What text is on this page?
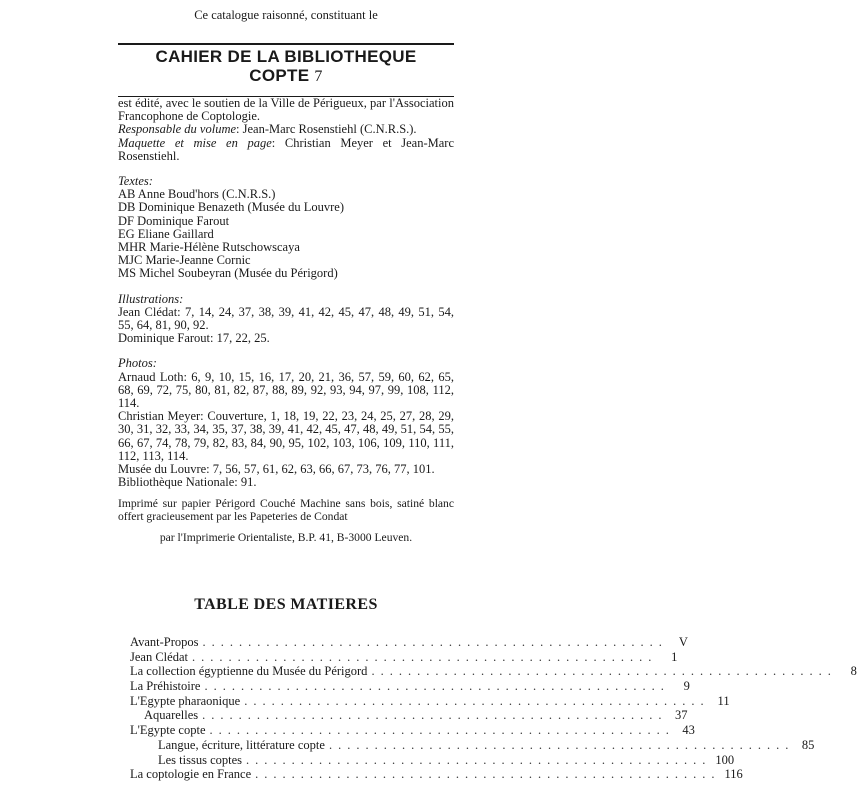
Ce catalogue raisonné, constituant le
CAHIER DE LA BIBLIOTHEQUE
COPTE 7

est édité, avec le soutien de la Ville de Périgueux, par l'Association Francophone de Coptologie.

Responsable du volume: Jean-Marc Rosenstiehl (C.N.R.S.).

Maquette et mise en page: Christian Meyer et Jean-Marc Rosenstiehl.

Textes:

AB Anne Boud'hors (C.N.R.S.)

DB Dominique Benazeth (Musée du Louvre)

DF Dominique Farout

EG Eliane Gaillard

MHR Marie-Hélène Rutschowscaya

MJC Marie-Jeanne Cornic

MS Michel Soubeyran (Musée du Périgord)

Illustrations:

Jean Clédat: 7, 14, 24, 37, 38, 39, 41, 42, 45, 47, 48, 49, 51, 54, 55, 64, 81, 90, 92.

Dominique Farout: 17, 22, 25.

Photos:

Arnaud Loth: 6, 9, 10, 15, 16, 17, 20, 21, 36, 57, 59, 60, 62, 65, 68, 69, 72, 75, 80, 81, 82, 87, 88, 89, 92, 93, 94, 97, 99, 108, 112, 114.

Christian Meyer: Couverture, 1, 18, 19, 22, 23, 24, 25, 27, 28, 29, 30, 31, 32, 33, 34, 35, 37, 38, 39, 41, 42, 45, 47, 48, 49, 51, 54, 55, 66, 67, 74, 78, 79, 82, 83, 84, 90, 95, 102, 103, 106, 109, 110, 111, 112, 113, 114.

Musée du Louvre: 7, 56, 57, 61, 62, 63, 66, 67, 73, 76, 77, 101.

Bibliothèque Nationale: 91.

Imprimé sur papier Périgord Couché Machine sans bois, satiné blanc offert gracieusement par les Papeteries de Condat

par l'Imprimerie Orientaliste, B.P. 41, B-3000 Leuven.

TABLE DES MATIERES
Avant-Propos ................................................... V
Jean Clédat ...................................................	1
La collection égyptienne du Musée du Périgord ...................................................	8
La Préhistoire ...................................................	9
L'Egypte pharaonique ................................................... 11
Aquarelles ................................................... 37
L'Egypte copte ................................................... 43
Langue, écriture, littérature copte ................................................... 85
Les tissus coptes ................................................... 100
La coptologie en France ................................................... 116
